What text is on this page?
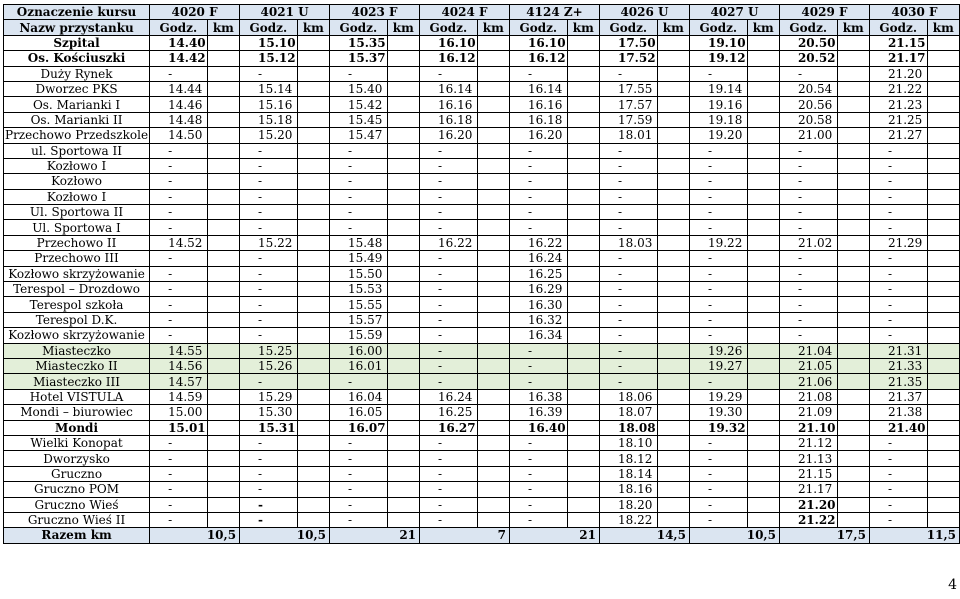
Oznaczenie kursu	4020 F		4021 U		4023 F		4024 F		4124 Z+		4026 U		4027 U		4029 F		4030 F	
Nazw przystanku	Godz.	km	Godz.	km	Godz.	km	Godz.	km	Godz.	km	Godz.	km	Godz.	km	Godz.	km	Godz.	km
Szpital	14.40		15.10		15.35		16.10		16.10		17.50		19.10		20.50		21.15	
Os. Kościuszki	14.42		15.12		15.37		16.12		16.12		17.52		19.12		20.52		21.17	
Duży Rynek	-		-		-		-		-		-		-		-		21.20	
Dworzec PKS	14.44		15.14		15.40		16.14		16.14		17.55		19.14		20.54		21.22	
Os. Marianki I	14.46		15.16		15.42		16.16		16.16		17.57		19.16		20.56		21.23	
Os. Marianki II	14.48		15.18		15.45		16.18		16.18		17.59		19.18		20.58		21.25	
Przechowo Przedszkole	14.50		15.20		15.47		16.20		16.20		18.01		19.20		21.00		21.27	
ul. Sportowa II	-		-		-		-		-		-		-		-		-	
Kozłowo I	-		-		-		-		-		-		-		-		-	
Kozłowo	-		-		-		-		-		-		-		-		-	
Kozłowo I	-		-		-		-		-		-		-		-		-	
Ul. Sportowa II	-		-		-		-		-		-		-		-		-	
Ul. Sportowa I	-		-		-		-		-		-		-		-		-	
Przechowo II	14.52		15.22		15.48		16.22		16.22		18.03		19.22		21.02		21.29	
Przechowo III	-		-		15.49		-		16.24		-		-		-		-	
Kozłowo skrzyżowanie	-		-		15.50		-		16.25		-		-		-		-	
Terespol – Drozdowo	-		-		15.53		-		16.29		-		-		-		-	
Terespol szkoła	-		-		15.55		-		16.30		-		-		-		-	
Terespol D.K.	-		-		15.57		-		16.32		-		-		-		-	
Kozłowo skrzyżowanie	-		-		15.59		-		16.34		-		-		-		-	
Miasteczko	14.55		15.25		16.00		-		-		-		19.26		21.04		21.31	
Miasteczko II	14.56		15.26		16.01		-		-		-		19.27		21.05		21.33	
Miasteczko III	14.57		-		-		-		-		-		-		21.06		21.35	
Hotel VISTULA	14.59		15.29		16.04		16.24		16.38		18.06		19.29		21.08		21.37	
Mondi – biurowiec	15.00		15.30		16.05		16.25		16.39		18.07		19.30		21.09		21.38	
Mondi	15.01		15.31		16.07		16.27		16.40		18.08		19.32		21.10		21.40	
Wielki Konopat	-		-		-		-		-		18.10		-		21.12		-	
Dworzysko	-		-		-		-		-		18.12		-		21.13		-	
Gruczno	-		-		-		-		-		18.14		-		21.15		-	
Gruczno POM	-		-		-		-		-		18.16		-		21.17		-	
Gruczno Wieś	-		-		-		-		-		18.20		-		21.20		-	
Gruczno Wieś II	-		-		-		-		-		18.22		-		21.22		-	
Razem km	10,5		10,5		21		7		21		14,5		10,5		17,5		11,5	
4
